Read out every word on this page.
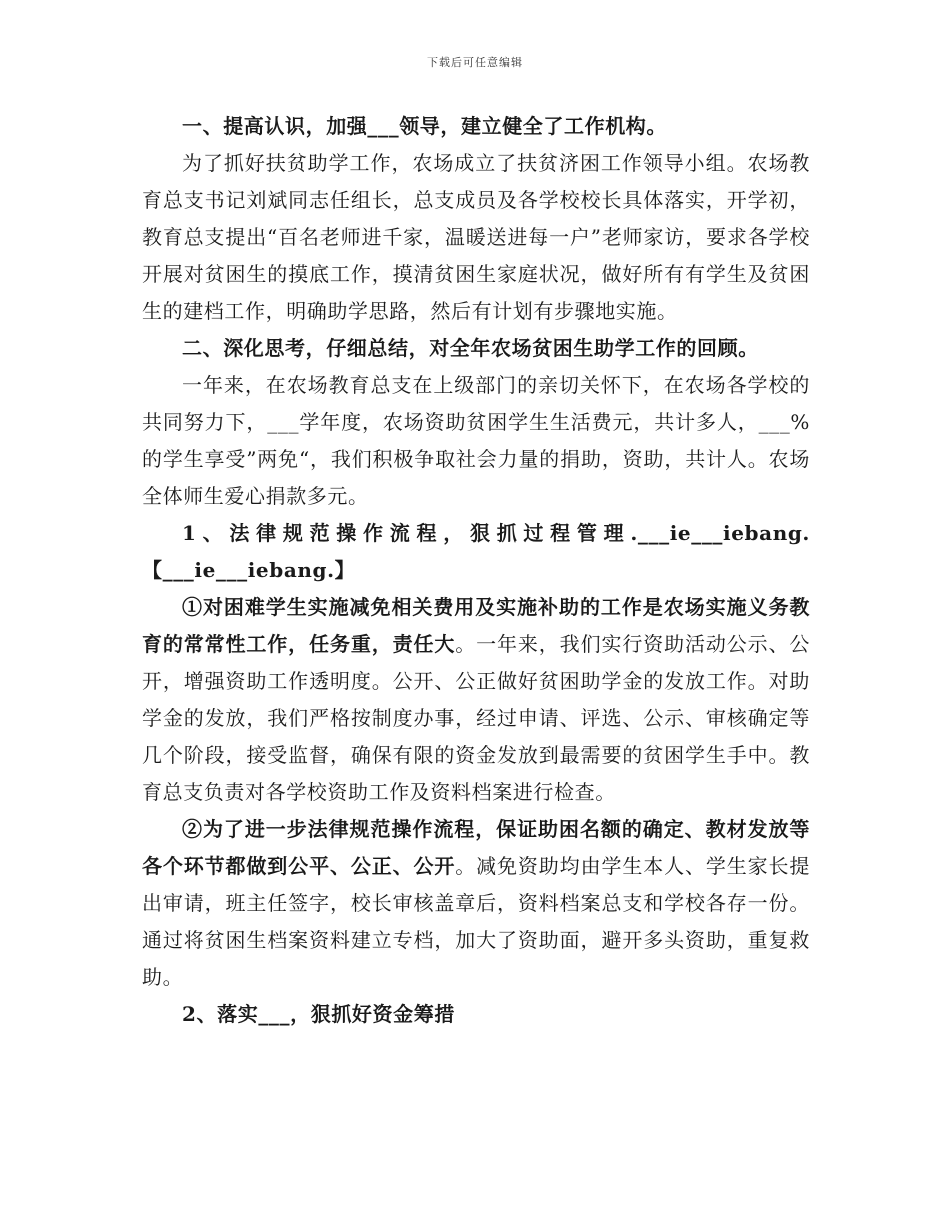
下载后可任意编辑

一、提高认识，加强___领导，建立健全了工作机构。

为了抓好扶贫助学工作，农场成立了扶贫济困工作领导小组。农场教育总支书记刘斌同志任组长，总支成员及各学校校长具体落实，开学初，教育总支提出“百名老师进千家，温暖送进每一户”老师家访，要求各学校开展对贫困生的摸底工作，摸清贫困生家庭状况，做好所有有学生及贫困生的建档工作，明确助学思路，然后有计划有步骤地实施。

二、深化思考，仔细总结，对全年农场贫困生助学工作的回顾。

一年来，在农场教育总支在上级部门的亲切关怀下，在农场各学校的共同努力下，___学年度，农场资助贫困学生生活费元，共计多人，___%的学生享受”两免“，我们积极争取社会力量的捐助，资助，共计人。农场全体师生爱心捐款多元。

1、法律规范操作流程，狠抓过程管理.___ie___iebang.【___ie___iebang.】

①对困难学生实施减免相关费用及实施补助的工作是农场实施义务教育的常常性工作，任务重，责任大。一年来，我们实行资助活动公示、公开，增强资助工作透明度。公开、公正做好贫困助学金的发放工作。对助学金的发放，我们严格按制度办事，经过申请、评选、公示、审核确定等几个阶段，接受监督，确保有限的资金发放到最需要的贫困学生手中。教育总支负责对各学校资助工作及资料档案进行检查。

②为了进一步法律规范操作流程，保证助困名额的确定、教材发放等各个环节都做到公平、公正、公开。减免资助均由学生本人、学生家长提出审请，班主任签字，校长审核盖章后，资料档案总支和学校各存一份。通过将贫困生档案资料建立专档，加大了资助面，避开多头资助，重复救助。

2、落实___，狠抓好资金筹措
